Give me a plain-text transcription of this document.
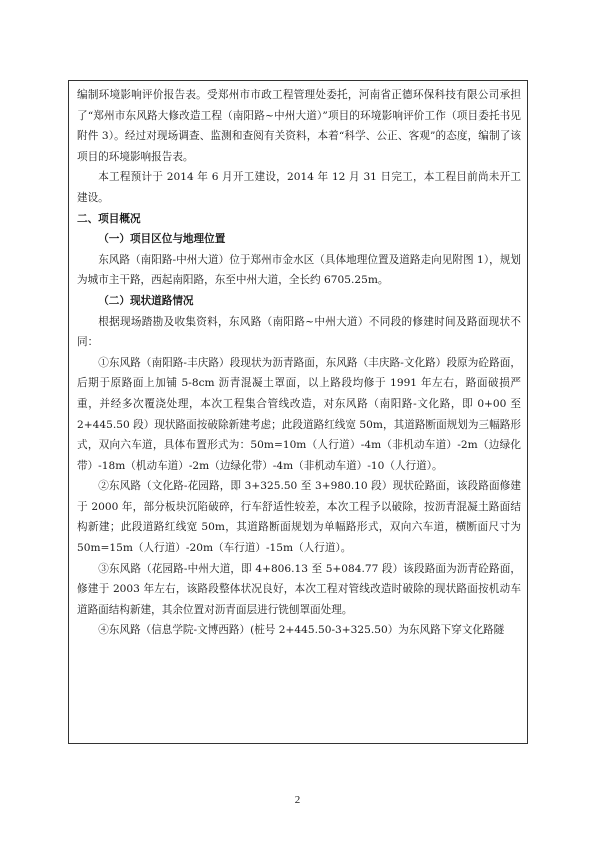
编制环境影响评价报告表。受郑州市市政工程管理处委托，河南省正德环保科技有限公司承担了“郑州市东风路大修改造工程（南阳路~中州大道）”项目的环境影响评价工作（项目委托书见附件 3）。经过对现场调查、监测和查阅有关资料，本着“科学、公正、客观”的态度，编制了该项目的环境影响报告表。

本工程预计于 2014 年 6 月开工建设，2014 年 12 月 31 日完工，本工程目前尚未开工建设。

二、项目概况

（一）项目区位与地理位置

东风路（南阳路-中州大道）位于郑州市金水区（具体地理位置及道路走向见附图 1），规划为城市主干路，西起南阳路，东至中州大道，全长约 6705.25m。

（二）现状道路情况

根据现场踏勘及收集资料，东风路（南阳路~中州大道）不同段的修建时间及路面现状不同：

①东风路（南阳路-丰庆路）段现状为沥青路面，东风路（丰庆路-文化路）段原为砼路面，后期于原路面上加铺 5-8cm 沥青混凝土罩面，以上路段均修于 1991 年左右，路面破损严重，并经多次覆浇处理，本次工程集合管线改造，对东风路（南阳路-文化路，即 0+00 至 2+445.50 段）现状路面按破除新建考虑；此段道路红线宽 50m，其道路断面规划为三幅路形式，双向六车道，具体布置形式为：50m=10m（人行道）-4m（非机动车道）-2m（边绿化带）-18m（机动车道）-2m（边绿化带）-4m（非机动车道）-10（人行道）。

②东风路（文化路-花园路，即 3+325.50 至 3+980.10 段）现状砼路面，该段路面修建于 2000 年，部分板块沉陷破碎，行车舒适性较差，本次工程予以破除，按沥青混凝土路面结构新建；此段道路红线宽 50m，其道路断面规划为单幅路形式，双向六车道，横断面尺寸为 50m=15m（人行道）-20m（车行道）-15m（人行道）。

③东风路（花园路-中州大道，即 4+806.13 至 5+084.77 段）该段路面为沥青砼路面，修建于 2003 年左右，该路段整体状况良好，本次工程对管线改造时破除的现状路面按机动车道路面结构新建，其余位置对沥青面层进行铣刨罩面处理。

④东风路（信息学院-文博西路）(桩号 2+445.50-3+325.50）为东风路下穿文化路隧

2
